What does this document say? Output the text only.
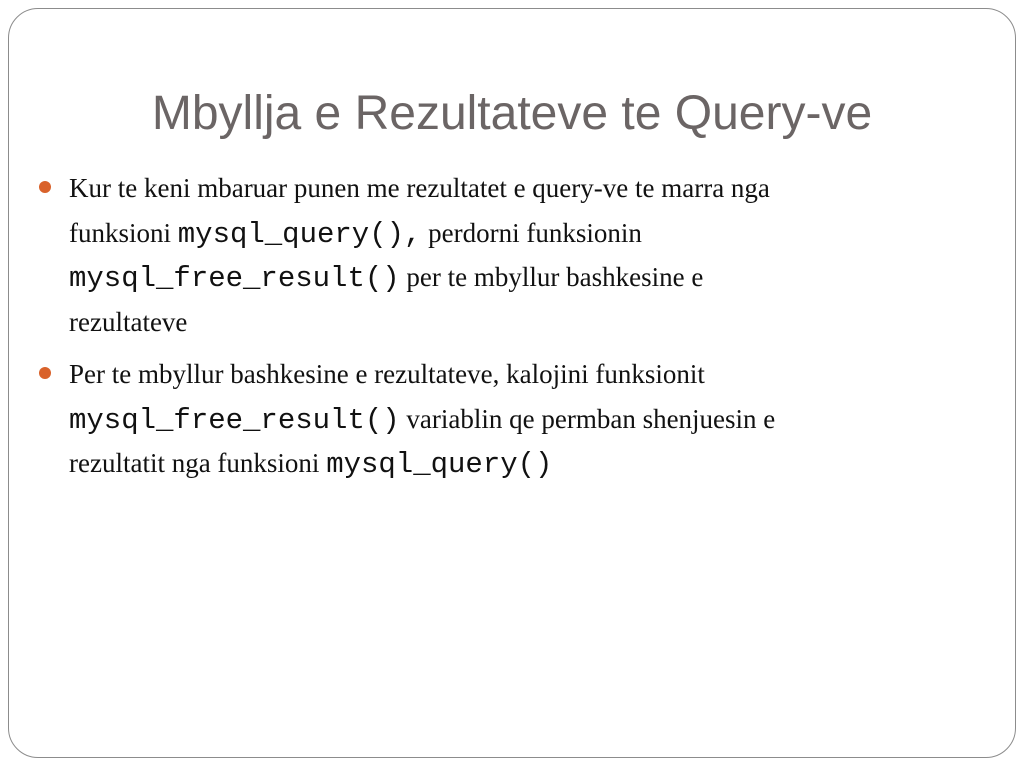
Mbyllja e Rezultateve te Query-ve
Kur te keni mbaruar punen me rezultatet e query-ve te marra nga
funksioni mysql_query(), perdorni funksionin
mysql_free_result() per te mbyllur bashkesine e
rezultateve
Per te mbyllur bashkesine e rezultateve, kalojini funksionit
mysql_free_result() variablin qe permban shenjuesin e
rezultatit nga funksioni mysql_query()
